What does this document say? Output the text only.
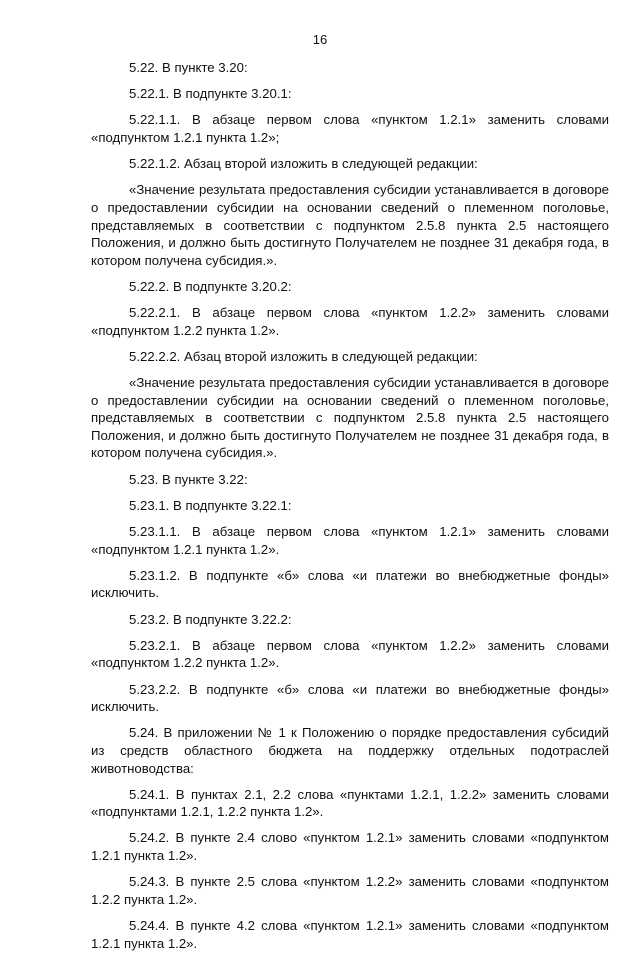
16

5.22. В пункте 3.20:

5.22.1. В подпункте 3.20.1:

5.22.1.1. В абзаце первом слова «пунктом 1.2.1» заменить словами «подпунктом 1.2.1 пункта 1.2»;

5.22.1.2. Абзац второй изложить в следующей редакции:

«Значение результата предоставления субсидии устанавливается в договоре о предоставлении субсидии на основании сведений о племенном поголовье, представляемых в соответствии с подпунктом 2.5.8 пункта 2.5 настоящего Положения, и должно быть достигнуто Получателем не позднее 31 декабря года, в котором получена субсидия.».

5.22.2. В подпункте 3.20.2:

5.22.2.1. В абзаце первом слова «пунктом 1.2.2» заменить словами «подпунктом 1.2.2 пункта 1.2».

5.22.2.2. Абзац второй изложить в следующей редакции:

«Значение результата предоставления субсидии устанавливается в договоре о предоставлении субсидии на основании сведений о племенном поголовье, представляемых в соответствии с подпунктом 2.5.8 пункта 2.5 настоящего Положения, и должно быть достигнуто Получателем не позднее 31 декабря года, в котором получена субсидия.».

5.23. В пункте 3.22:

5.23.1. В подпункте 3.22.1:

5.23.1.1. В абзаце первом слова «пунктом 1.2.1» заменить словами «подпунктом 1.2.1 пункта 1.2».

5.23.1.2. В подпункте «б» слова «и платежи во внебюджетные фонды» исключить.

5.23.2. В подпункте 3.22.2:

5.23.2.1. В абзаце первом слова «пунктом 1.2.2» заменить словами «подпунктом 1.2.2 пункта 1.2».

5.23.2.2. В подпункте «б» слова «и платежи во внебюджетные фонды» исключить.

5.24. В приложении № 1 к Положению о порядке предоставления субсидий из средств областного бюджета на поддержку отдельных подотраслей животноводства:

5.24.1. В пунктах 2.1, 2.2 слова «пунктами 1.2.1, 1.2.2» заменить словами «подпунктами 1.2.1, 1.2.2 пункта 1.2».

5.24.2. В пункте 2.4 слово «пунктом 1.2.1» заменить словами «подпунктом 1.2.1 пункта 1.2».

5.24.3. В пункте 2.5 слова «пунктом 1.2.2» заменить словами «подпунктом 1.2.2 пункта 1.2».

5.24.4. В пункте 4.2 слова «пунктом 1.2.1» заменить словами «подпунктом 1.2.1 пункта 1.2».
